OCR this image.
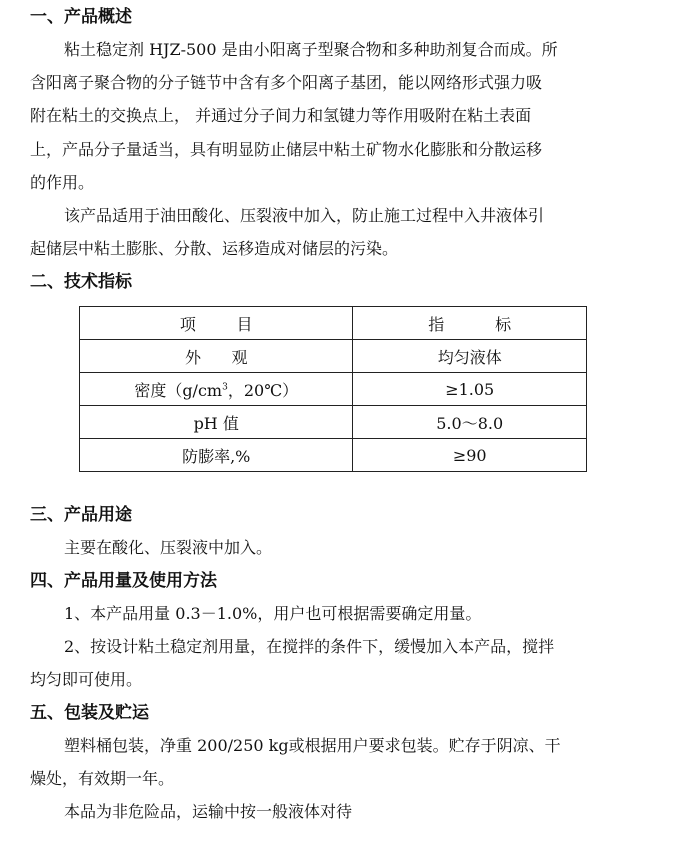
一、产品概述
粘土稳定剂 HJZ-500 是由小阳离子型聚合物和多种助剂复合而成。所
含阳离子聚合物的分子链节中含有多个阳离子基团，能以网络形式强力吸
附在粘土的交换点上， 并通过分子间力和氢键力等作用吸附在粘土表面
上，产品分子量适当，具有明显防止储层中粘土矿物水化膨胀和分散运移
的作用。
该产品适用于油田酸化、压裂液中加入，防止施工过程中入井液体引
起储层中粘土膨胀、分散、运移造成对储层的污染。
二、技术指标
项        目	指          标
外      观	均匀液体
密度（$g/cm^3$，20℃）	≥1.05
pH 值	5.0～8.0
防膨率,%	≥90
三、产品用途
主要在酸化、压裂液中加入。
四、产品用量及使用方法
1、本产品用量 0.3－1.0%，用户也可根据需要确定用量。
2、按设计粘土稳定剂用量，在搅拌的条件下，缓慢加入本产品，搅拌
均匀即可使用。
五、包装及贮运
塑料桶包装，净重 200/250 kg或根据用户要求包装。贮存于阴凉、干
燥处，有效期一年。
本品为非危险品，运输中按一般液体对待
